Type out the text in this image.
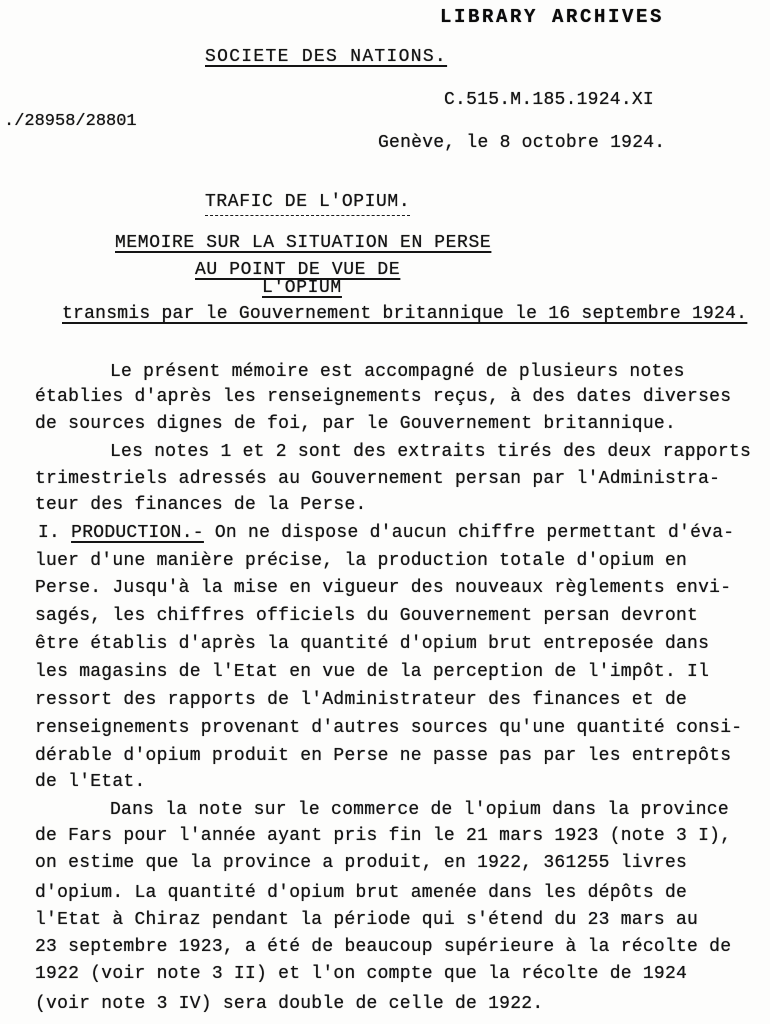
LIBRARY ARCHIVES
SOCIETE DES NATIONS.
C.515.M.185.1924.XI
./28958/28801
Genève, le 8 octobre 1924.
TRAFIC DE L'OPIUM.
MEMOIRE SUR LA SITUATION EN PERSE
AU POINT DE VUE DE
L'OPIUM
transmis par le Gouvernement britannique le 16 septembre 1924.
Le présent mémoire est accompagné de plusieurs notes
établies d'après les renseignements reçus, à des dates diverses
de sources dignes de foi, par le Gouvernement britannique.
Les notes 1 et 2 sont des extraits tirés des deux rapports
trimestriels adressés au Gouvernement persan par l'Administra-
teur des finances de la Perse.
I. PRODUCTION.- On ne dispose d'aucun chiffre permettant d'éva-
luer d'une manière précise, la production totale d'opium en
Perse. Jusqu'à la mise en vigueur des nouveaux règlements envi-
sagés, les chiffres officiels du Gouvernement persan devront
être établis d'après la quantité d'opium brut entreposée dans
les magasins de l'Etat en vue de la perception de l'impôt. Il
ressort des rapports de l'Administrateur des finances et de
renseignements provenant d'autres sources qu'une quantité consi-
dérable d'opium produit en Perse ne passe pas par les entrepôts
de l'Etat.
Dans la note sur le commerce de l'opium dans la province
de Fars pour l'année ayant pris fin le 21 mars 1923 (note 3 I),
on estime que la province a produit, en 1922, 361255 livres
d'opium. La quantité d'opium brut amenée dans les dépôts de
l'Etat à Chiraz pendant la période qui s'étend du 23 mars au
23 septembre 1923, a été de beaucoup supérieure à la récolte de
1922 (voir note 3 II) et l'on compte que la récolte de 1924
(voir note 3 IV) sera double de celle de 1922.
